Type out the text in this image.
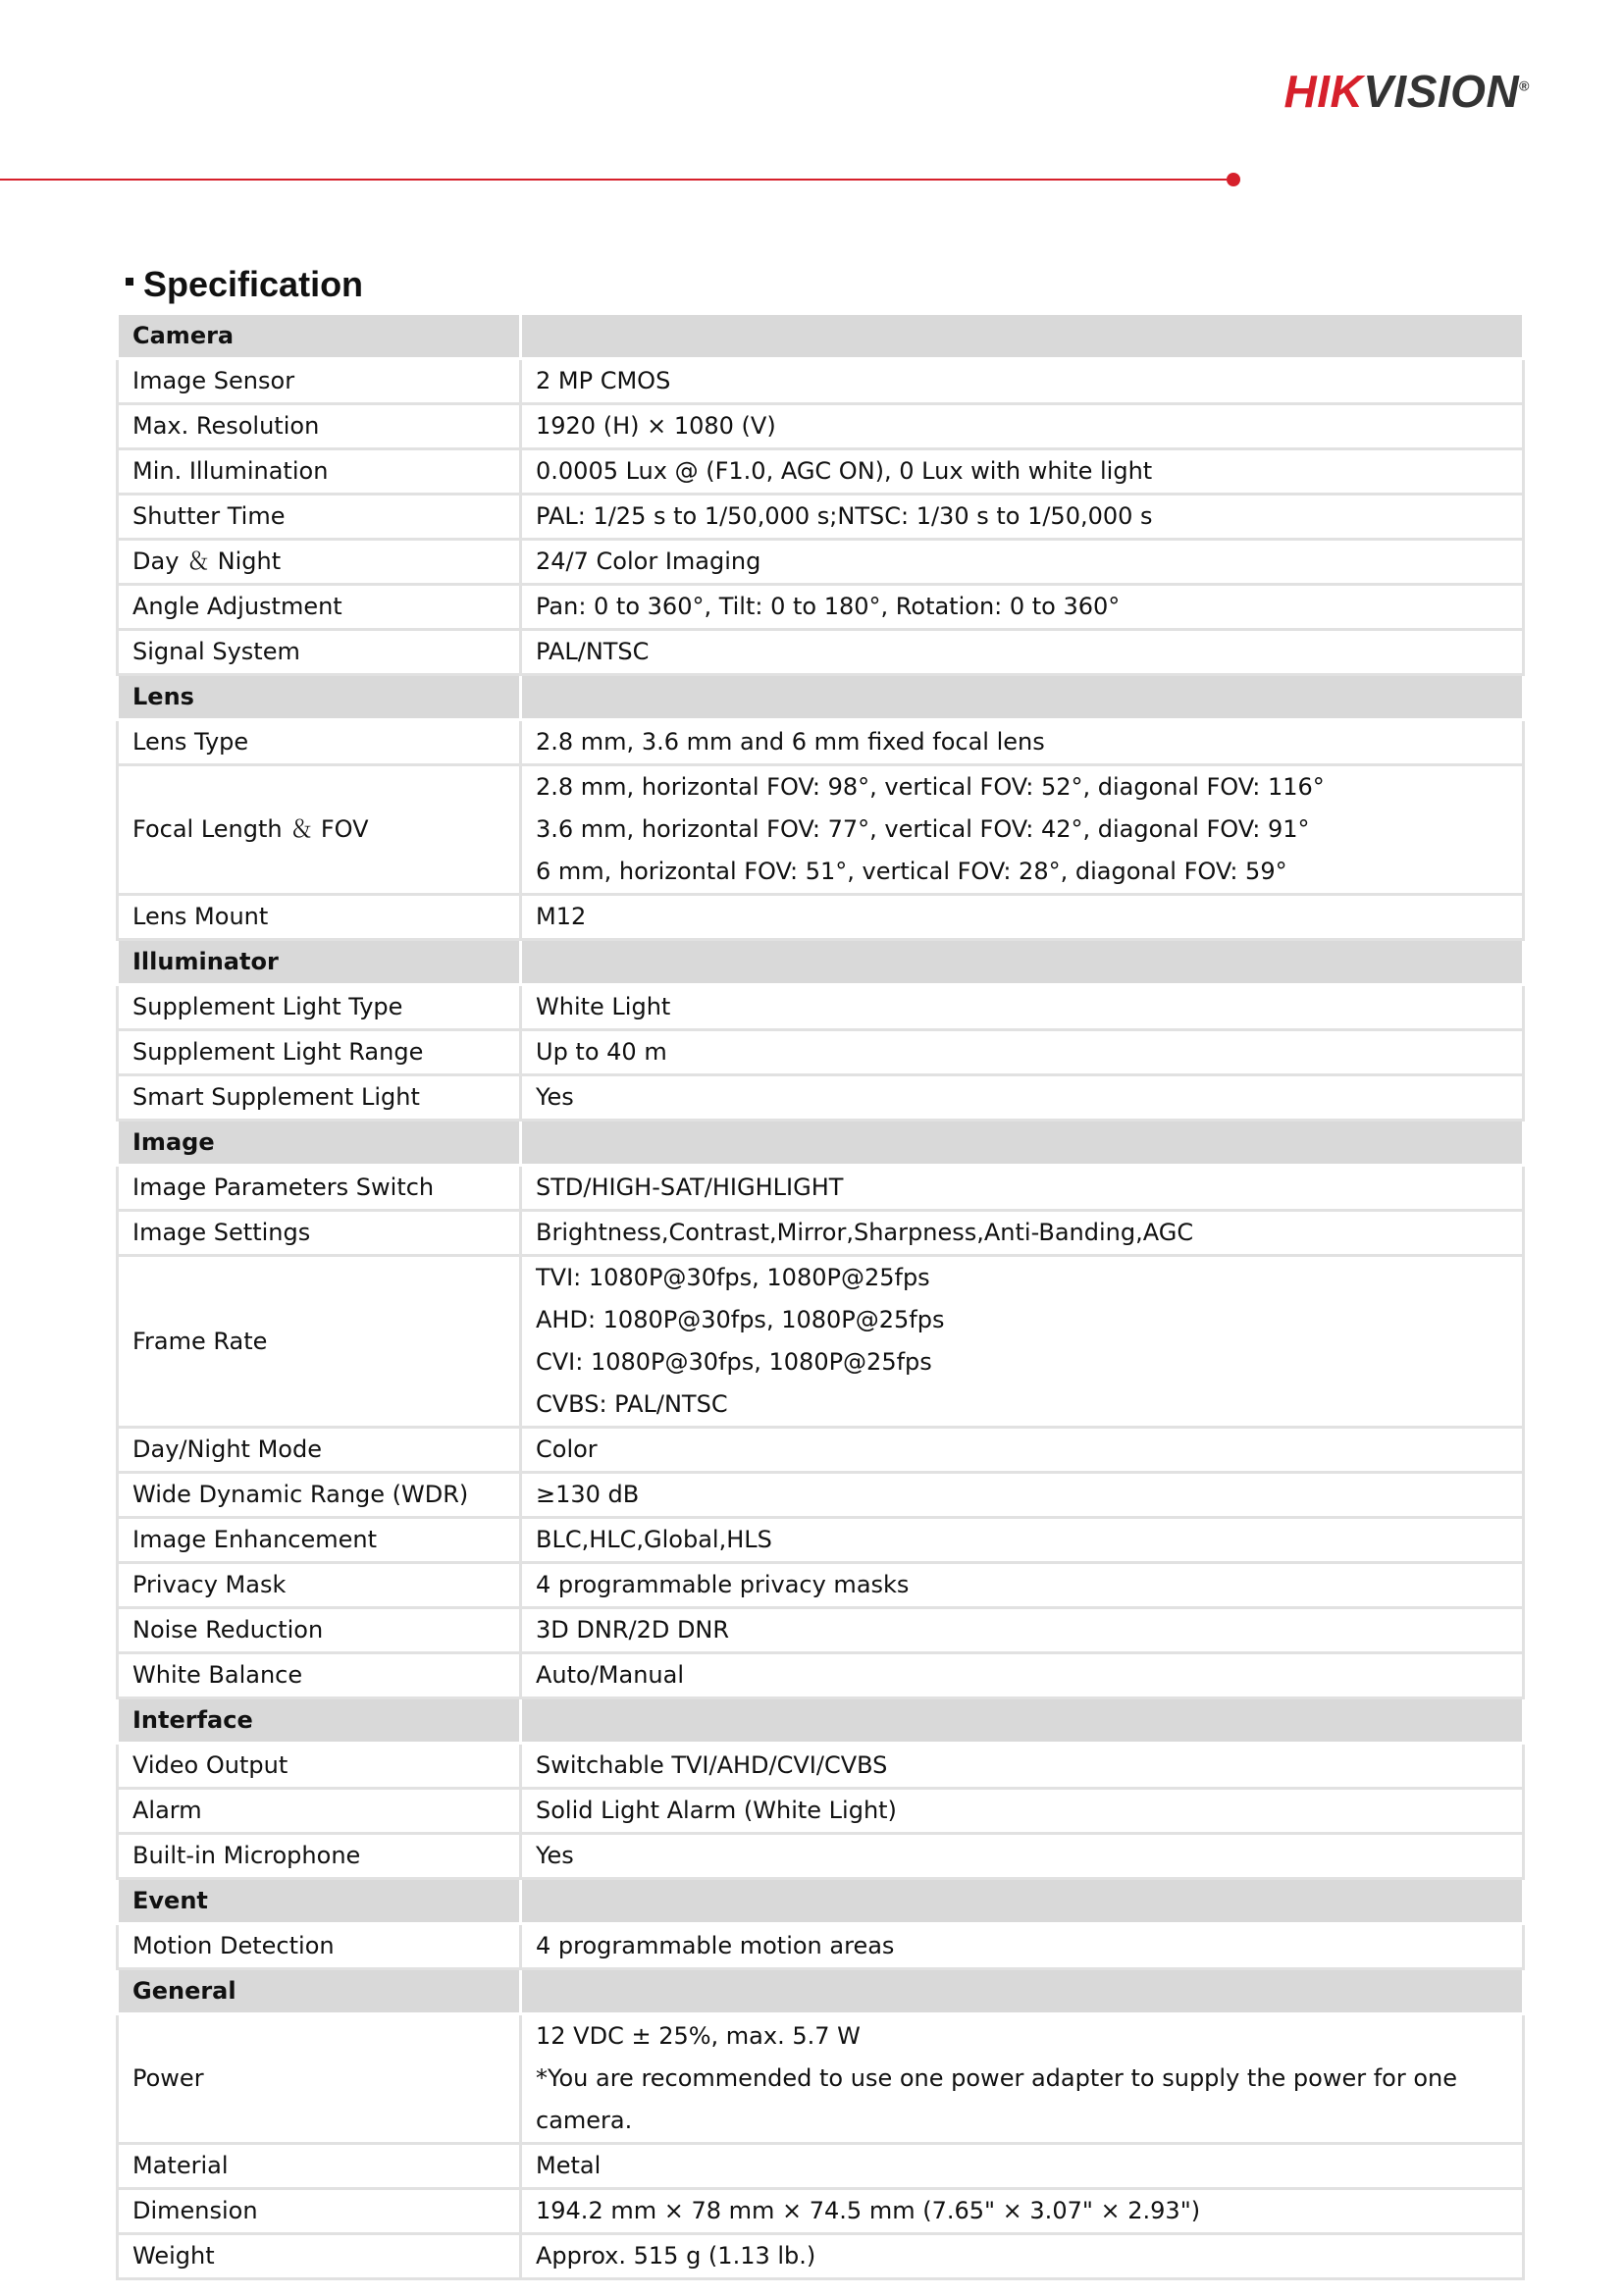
HIKVISION®
Specification
Camera	
Image Sensor	2 MP CMOS

Max. Resolution	1920 (H) × 1080 (V)

Min. Illumination	0.0005 Lux @ (F1.0, AGC ON), 0 Lux with white light

Shutter Time	PAL: 1/25 s to 1/50,000 s;NTSC: 1/30 s to 1/50,000 s

Day ＆ Night	24/7 Color Imaging

Angle Adjustment	Pan: 0 to 360°, Tilt: 0 to 180°, Rotation: 0 to 360°

Signal System	PAL/NTSC

Lens	
Lens Type	2.8 mm, 3.6 mm and 6 mm fixed focal lens

Focal Length ＆ FOV	2.8 mm, horizontal FOV: 98°, vertical FOV: 52°, diagonal FOV: 116°
3.6 mm, horizontal FOV: 77°, vertical FOV: 42°, diagonal FOV: 91°
6 mm, horizontal FOV: 51°, vertical FOV: 28°, diagonal FOV: 59°

Lens Mount	M12

Illuminator	
Supplement Light Type	White Light

Supplement Light Range	Up to 40 m

Smart Supplement Light	Yes

Image	
Image Parameters Switch	STD/HIGH-SAT/HIGHLIGHT

Image Settings	Brightness,Contrast,Mirror,Sharpness,Anti-Banding,AGC

Frame Rate	TVI: 1080P@30fps, 1080P@25fps
AHD: 1080P@30fps, 1080P@25fps
CVI: 1080P@30fps, 1080P@25fps
CVBS: PAL/NTSC

Day/Night Mode	Color

Wide Dynamic Range (WDR)	≥130 dB

Image Enhancement	BLC,HLC,Global,HLS

Privacy Mask	4 programmable privacy masks

Noise Reduction	3D DNR/2D DNR

White Balance	Auto/Manual

Interface	
Video Output	Switchable TVI/AHD/CVI/CVBS

Alarm	Solid Light Alarm (White Light)

Built-in Microphone	Yes

Event	
Motion Detection	4 programmable motion areas

General	
Power	12 VDC ± 25%, max. 5.7 W
*You are recommended to use one power adapter to supply the power for one
camera.

Material	Metal

Dimension	194.2 mm × 78 mm × 74.5 mm (7.65" × 3.07" × 2.93")

Weight	Approx. 515 g (1.13 lb.)
